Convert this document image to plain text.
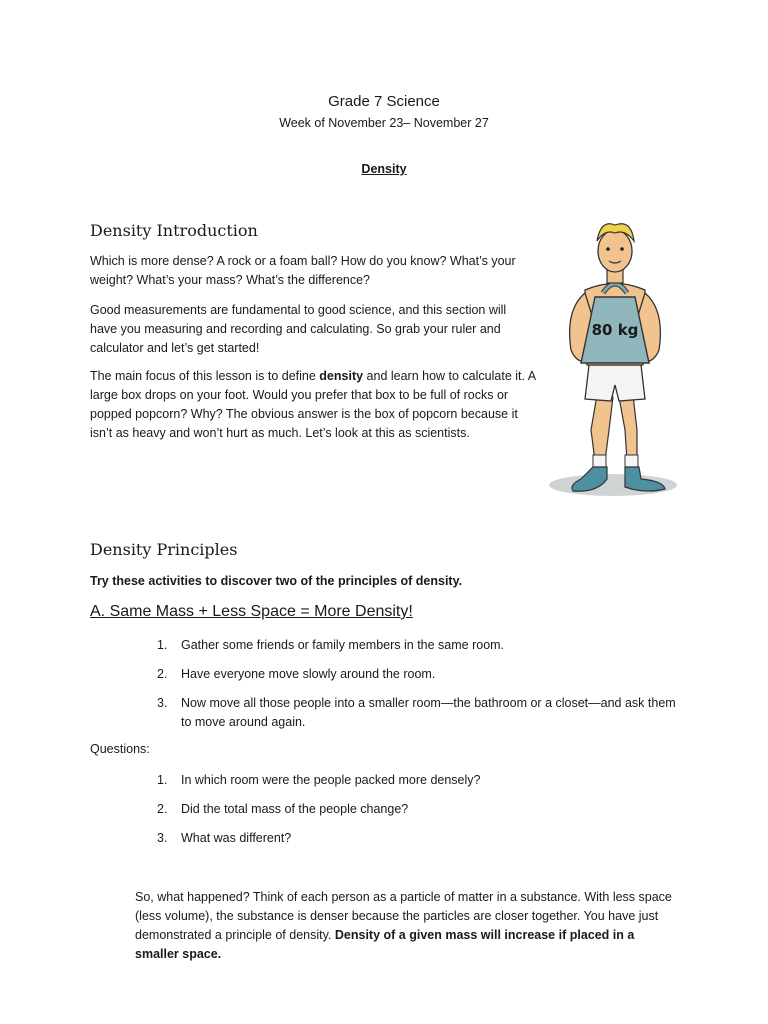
Grade 7 Science
Week of November 23– November 27
Density
Density Introduction

Which is more dense? A rock or a foam ball? How do you know? What’s your weight? What’s your mass? What’s the difference?

Good measurements are fundamental to good science, and this section will have you measuring and recording and calculating. So grab your ruler and calculator and let’s get started!

The main focus of this lesson is to define density and learn how to calculate it. A large box drops on your foot. Would you prefer that box to be full of rocks or popped popcorn? Why? The obvious answer is the box of popcorn because it isn’t as heavy and won’t hurt as much. Let’s look at this as scientists.

80 kg
Density Principles
Try these activities to discover two of the principles of density.
A. Same Mass + Less Space = More Density!
1. Gather some friends or family members in the same room.
2. Have everyone move slowly around the room.
3. Now move all those people into a smaller room—the bathroom or a closet—and ask them to move around again.
Questions:
1. In which room were the people packed more densely?
2. Did the total mass of the people change?
3. What was different?

So, what happened? Think of each person as a particle of matter in a substance. With less space (less volume), the substance is denser because the particles are closer together. You have just demonstrated a principle of density. Density of a given mass will increase if placed in a smaller space.
